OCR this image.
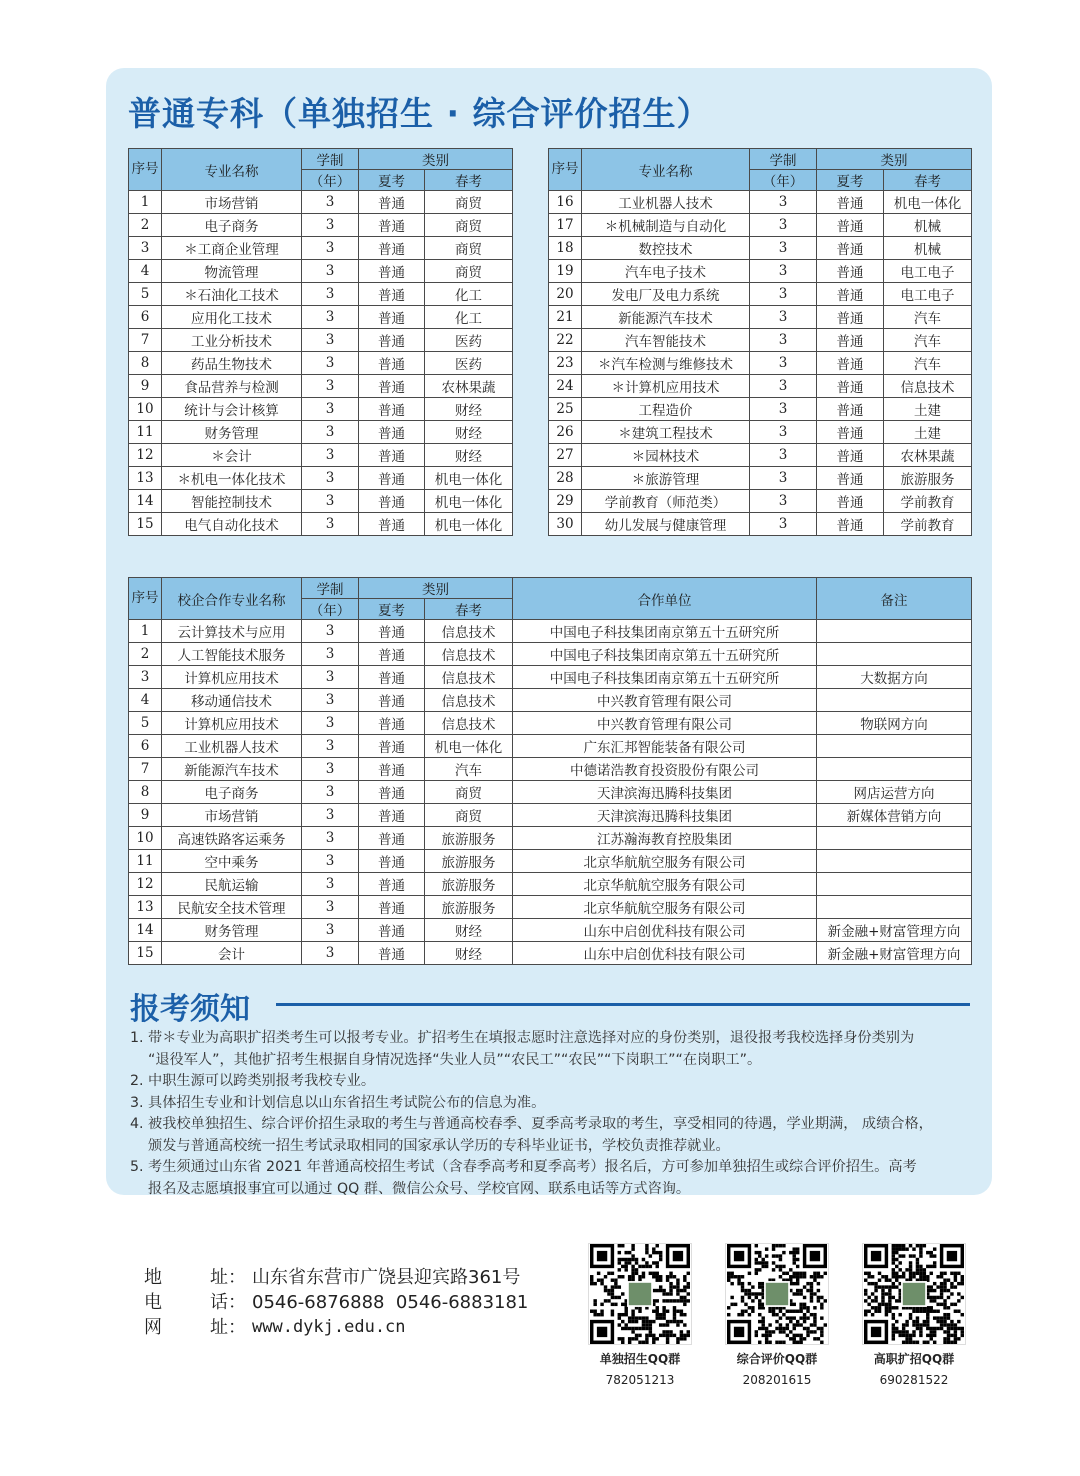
普通专科（单独招生 · 综合评价招生）
序号	专业名称	学制	类别	
		（年）	夏考	春考
1	市场营销	3	普通	商贸
2	电子商务	3	普通	商贸
3	＊工商企业管理	3	普通	商贸
4	物流管理	3	普通	商贸
5	＊石油化工技术	3	普通	化工
6	应用化工技术	3	普通	化工
7	工业分析技术	3	普通	医药
8	药品生物技术	3	普通	医药
9	食品营养与检测	3	普通	农林果蔬
10	统计与会计核算	3	普通	财经
11	财务管理	3	普通	财经
12	＊会计	3	普通	财经
13	＊机电一体化技术	3	普通	机电一体化
14	智能控制技术	3	普通	机电一体化
15	电气自动化技术	3	普通	机电一体化
序号	专业名称	学制	类别	
		（年）	夏考	春考
16	工业机器人技术	3	普通	机电一体化
17	＊机械制造与自动化	3	普通	机械
18	数控技术	3	普通	机械
19	汽车电子技术	3	普通	电工电子
20	发电厂及电力系统	3	普通	电工电子
21	新能源汽车技术	3	普通	汽车
22	汽车智能技术	3	普通	汽车
23	＊汽车检测与维修技术	3	普通	汽车
24	＊计算机应用技术	3	普通	信息技术
25	工程造价	3	普通	土建
26	＊建筑工程技术	3	普通	土建
27	＊园林技术	3	普通	农林果蔬
28	＊旅游管理	3	普通	旅游服务
29	学前教育（师范类）	3	普通	学前教育
30	幼儿发展与健康管理	3	普通	学前教育
序号	校企合作专业名称	学制	类别		合作单位	备注
		（年）	夏考	春考		
1	云计算技术与应用	3	普通	信息技术	中国电子科技集团南京第五十五研究所	
2	人工智能技术服务	3	普通	信息技术	中国电子科技集团南京第五十五研究所	
3	计算机应用技术	3	普通	信息技术	中国电子科技集团南京第五十五研究所	大数据方向
4	移动通信技术	3	普通	信息技术	中兴教育管理有限公司	
5	计算机应用技术	3	普通	信息技术	中兴教育管理有限公司	物联网方向
6	工业机器人技术	3	普通	机电一体化	广东汇邦智能装备有限公司	
7	新能源汽车技术	3	普通	汽车	中德诺浩教育投资股份有限公司	
8	电子商务	3	普通	商贸	天津滨海迅腾科技集团	网店运营方向
9	市场营销	3	普通	商贸	天津滨海迅腾科技集团	新媒体营销方向
10	高速铁路客运乘务	3	普通	旅游服务	江苏瀚海教育控股集团	
11	空中乘务	3	普通	旅游服务	北京华航航空服务有限公司	
12	民航运输	3	普通	旅游服务	北京华航航空服务有限公司	
13	民航安全技术管理	3	普通	旅游服务	北京华航航空服务有限公司	
14	财务管理	3	普通	财经	山东中启创优科技有限公司	新金融+财富管理方向
15	会计	3	普通	财经	山东中启创优科技有限公司	新金融+财富管理方向
报考须知

1. 带＊专业为高职扩招类考生可以报考专业。扩招考生在填报志愿时注意选择对应的身份类别，退役报考我校选择身份类别为

“退役军人”，其他扩招考生根据自身情况选择“失业人员”“农民工”“农民”“下岗职工”“在岗职工”。

2. 中职生源可以跨类别报考我校专业。

3. 具体招生专业和计划信息以山东省招生考试院公布的信息为准。

4. 被我校单独招生、综合评价招生录取的考生与普通高校春季、夏季高考录取的考生，享受相同的待遇，学业期满， 成绩合格，

颁发与普通高校统一招生考试录取相同的国家承认学历的专科毕业证书，学校负责推荐就业。

5. 考生须通过山东省 2021 年普通高校招生考试（含春季高考和夏季高考）报名后，方可参加单独招生或综合评价招生。高考

报名及志愿填报事宜可以通过 QQ 群、微信公众号、学校官网、联系电话等方式咨询。

地	址 ：	山东省东营市广饶县迎宾路361号
电	话 ：	0546-6876888  0546-6883181
网	址 ：	www.dykj.edu.cn
单独招生QQ群
782051213
综合评价QQ群
208201615
高职扩招QQ群
690281522
